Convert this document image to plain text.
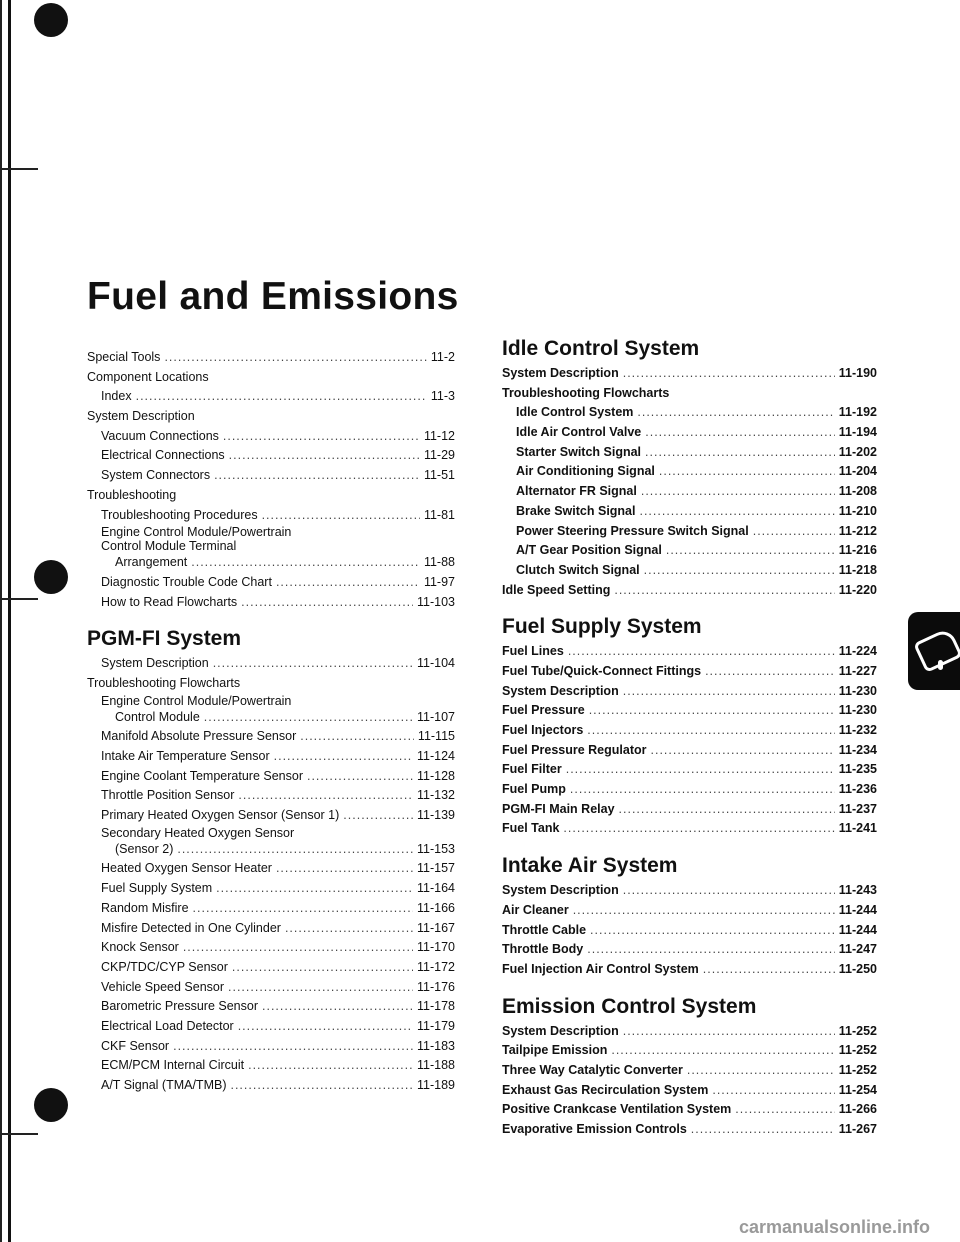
Fuel and Emissions
Special Tools .....	11-2
Component Locations
Index .....	11-3
System Description
Vacuum Connections .....	11-12
Electrical Connections .....	11-29
System Connectors .....	11-51
Troubleshooting
Troubleshooting Procedures .....	11-81
Engine Control Module/Powertrain
Control Module Terminal
Arrangement .....	11-88
Diagnostic Trouble Code Chart .....	11-97
How to Read Flowcharts .....	11-103
PGM-FI System
System Description .....	11-104
Troubleshooting Flowcharts
Engine Control Module/Powertrain
Control Module .....	11-107
Manifold Absolute Pressure Sensor .....	11-115
Intake Air Temperature Sensor .....	11-124
Engine Coolant Temperature Sensor .....	11-128
Throttle Position Sensor .....	11-132
Primary Heated Oxygen Sensor (Sensor 1) .....	11-139
Secondary Heated Oxygen Sensor
(Sensor 2) .....	11-153
Heated Oxygen Sensor Heater .....	11-157
Fuel Supply System .....	11-164
Random Misfire .....	11-166
Misfire Detected in One Cylinder .....	11-167
Knock Sensor .....	11-170
CKP/TDC/CYP Sensor .....	11-172
Vehicle Speed Sensor .....	11-176
Barometric Pressure Sensor .....	11-178
Electrical Load Detector .....	11-179
CKF Sensor .....	11-183
ECM/PCM Internal Circuit .....	11-188
A/T Signal (TMA/TMB) .....	11-189
Idle Control System
System Description .....	11-190
Troubleshooting Flowcharts
Idle Control System .....	11-192
Idle Air Control Valve .....	11-194
Starter Switch Signal .....	11-202
Air Conditioning Signal .....	11-204
Alternator FR Signal .....	11-208
Brake Switch Signal .....	11-210
Power Steering Pressure Switch Signal .....	11-212
A/T Gear Position Signal .....	11-216
Clutch Switch Signal .....	11-218
Idle Speed Setting .....	11-220
Fuel Supply System
Fuel Lines .....	11-224
Fuel Tube/Quick-Connect Fittings .....	11-227
System Description .....	11-230
Fuel Pressure .....	11-230
Fuel Injectors .....	11-232
Fuel Pressure Regulator .....	11-234
Fuel Filter .....	11-235
Fuel Pump .....	11-236
PGM-FI Main Relay .....	11-237
Fuel Tank .....	11-241
Intake Air System
System Description .....	11-243
Air Cleaner .....	11-244
Throttle Cable .....	11-244
Throttle Body .....	11-247
Fuel Injection Air Control System .....	11-250
Emission Control System
System Description .....	11-252
Tailpipe Emission .....	11-252
Three Way Catalytic Converter .....	11-252
Exhaust Gas Recirculation System .....	11-254
Positive Crankcase Ventilation System .....	11-266
Evaporative Emission Controls .....	11-267
carmanualsonline.info
